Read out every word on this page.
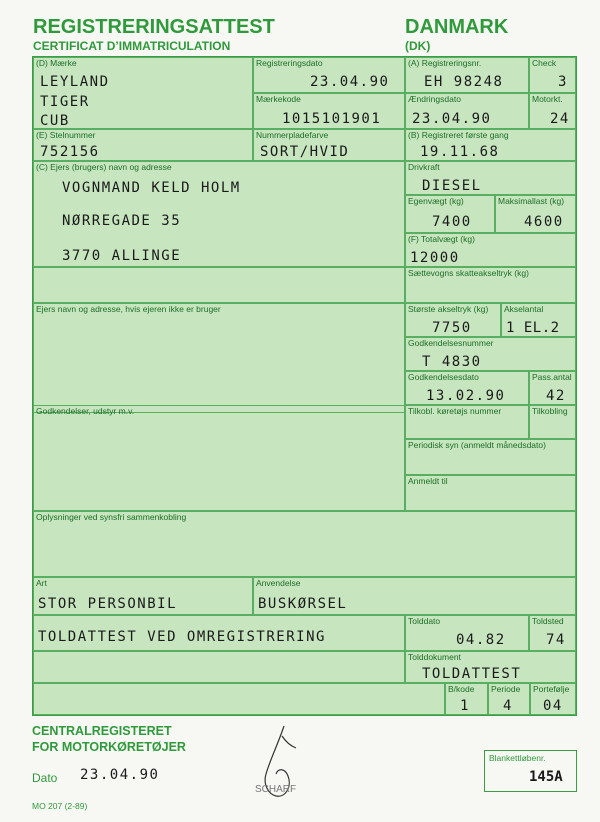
REGISTRERINGSATTEST
CERTIFICAT D’IMMATRICULATION
DANMARK
(DK)
(D) Mærke
LEYLAND
TIGER
CUB
Registreringsdato
23.04.90
Mærkekode
1015101901
(A) Registreringsnr.
EH 98248
Check
3
Ændringsdato
23.04.90
Motorkt.
24
(E) Stelnummer
752156
Nummerpladefarve
SORT/HVID
(B) Registreret første gang
19.11.68
(C) Ejers (brugers) navn og adresse
VOGNMAND KELD HOLM
NØRREGADE 35
3770 ALLINGE
Drivkraft
DIESEL
Egenvægt (kg)
7400
Maksimallast (kg)
4600
(F) Totalvægt (kg)
12000
Sættevogns skatteakseltryk (kg)
Ejers navn og adresse, hvis ejeren ikke er bruger	Største akseltryk (kg)
7750
Akselantal
1 EL.2
Godkendelsesnummer
T 4830
Godkendelsesdato
13.02.90
Pass.antal
42
Godkendelser, udstyr m.v.	Tilkobl. køretøjs nummer	Tilkobling
Periodisk syn (anmeldt månedsdato)
Anmeldt til
Oplysninger ved synsfri sammenkobling
Art
STOR PERSONBIL
Anvendelse
BUSKØRSEL
TOLDATTEST VED OMREGISTRERING
Tolddato
04.82
Toldsted
74
Tolddokument
TOLDATTEST
B/kode
1
Periode
4
Portefølje
04
CENTRALREGISTERET
FOR MOTORKØRETØJER
Dato 23.04.90
SCHARF
Blankettløbenr.
145A
MO 207 (2-89)
